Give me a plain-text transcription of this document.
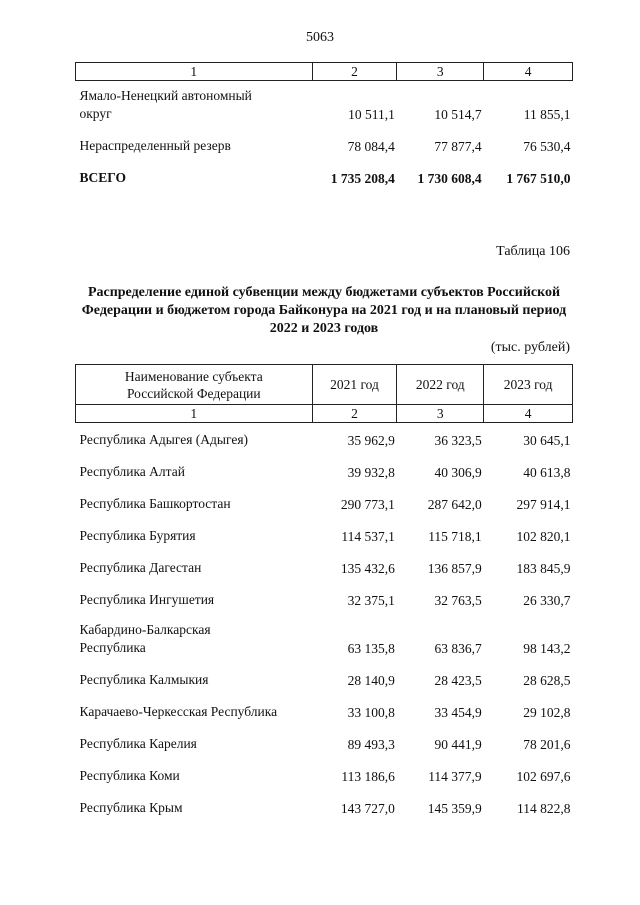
5063
1	2	3	4
Ямало-Ненецкий автономный
округ	10 511,1	10 514,7	11 855,1
Нераспределенный резерв	78 084,4	77 877,4	76 530,4
ВСЕГО	1 735 208,4	1 730 608,4	1 767 510,0
Таблица 106
Распределение единой субвенции между бюджетами субъектов Российской Федерации и бюджетом города Байконура на 2021 год и на плановый период 2022 и 2023 годов
(тыс. рублей)
Наименование субъекта Российской Федерации	2021 год	2022 год	2023 год
1	2	3	4
Республика Адыгея (Адыгея)	35 962,9	36 323,5	30 645,1
Республика Алтай	39 932,8	40 306,9	40 613,8
Республика Башкортостан	290 773,1	287 642,0	297 914,1
Республика Бурятия	114 537,1	115 718,1	102 820,1
Республика Дагестан	135 432,6	136 857,9	183 845,9
Республика Ингушетия	32 375,1	32 763,5	26 330,7
Кабардино-Балкарская
Республика	63 135,8	63 836,7	98 143,2
Республика Калмыкия	28 140,9	28 423,5	28 628,5
Карачаево-Черкесская Республика	33 100,8	33 454,9	29 102,8
Республика Карелия	89 493,3	90 441,9	78 201,6
Республика Коми	113 186,6	114 377,9	102 697,6
Республика Крым	143 727,0	145 359,9	114 822,8
